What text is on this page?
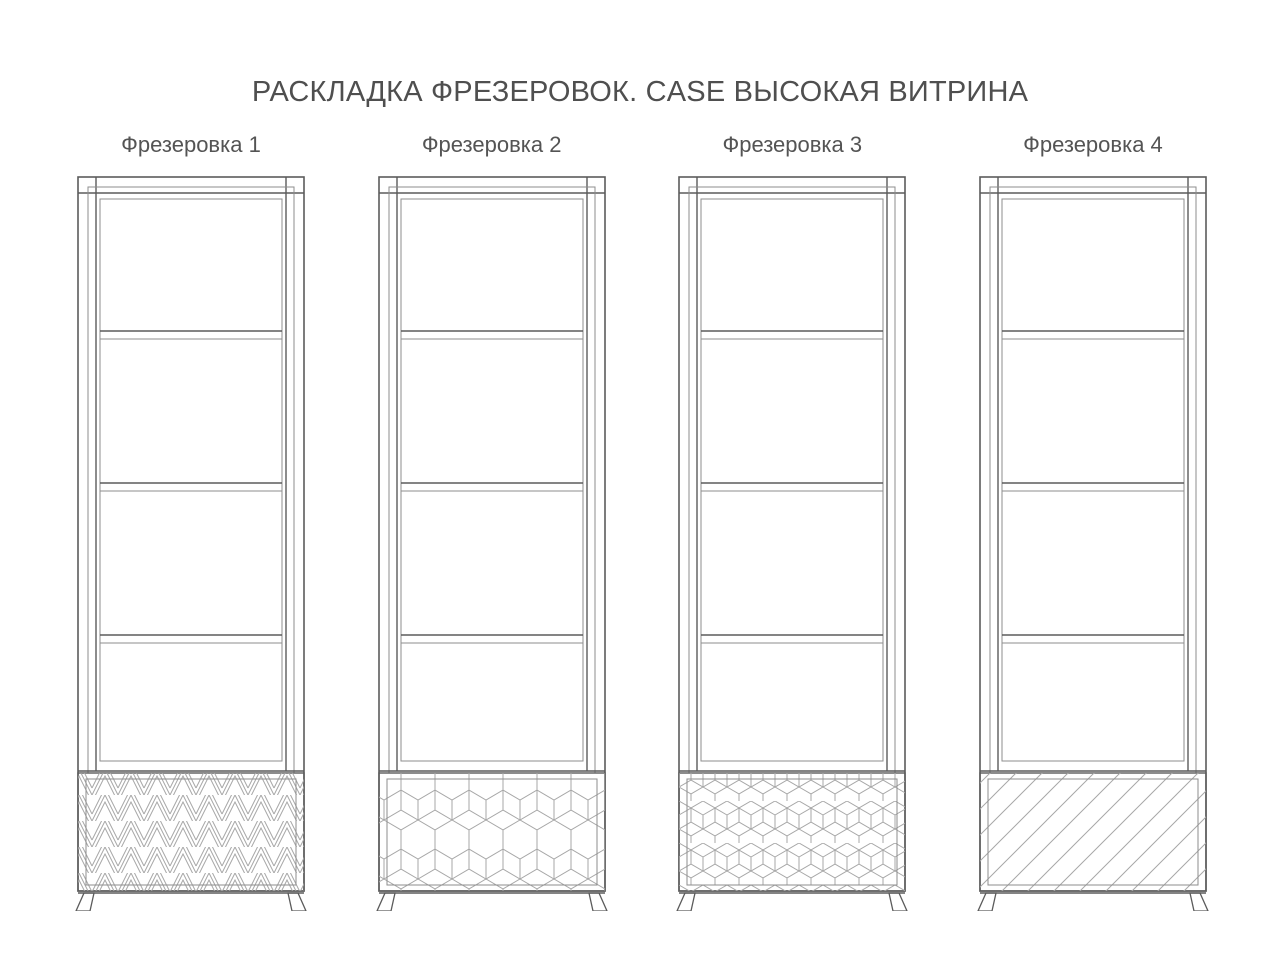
РАСКЛАДКА ФРЕЗЕРОВОК. CASE ВЫСОКАЯ ВИТРИНА
Фрезеровка 1	Фрезеровка 2	Фрезеровка 3	Фрезеровка 4
